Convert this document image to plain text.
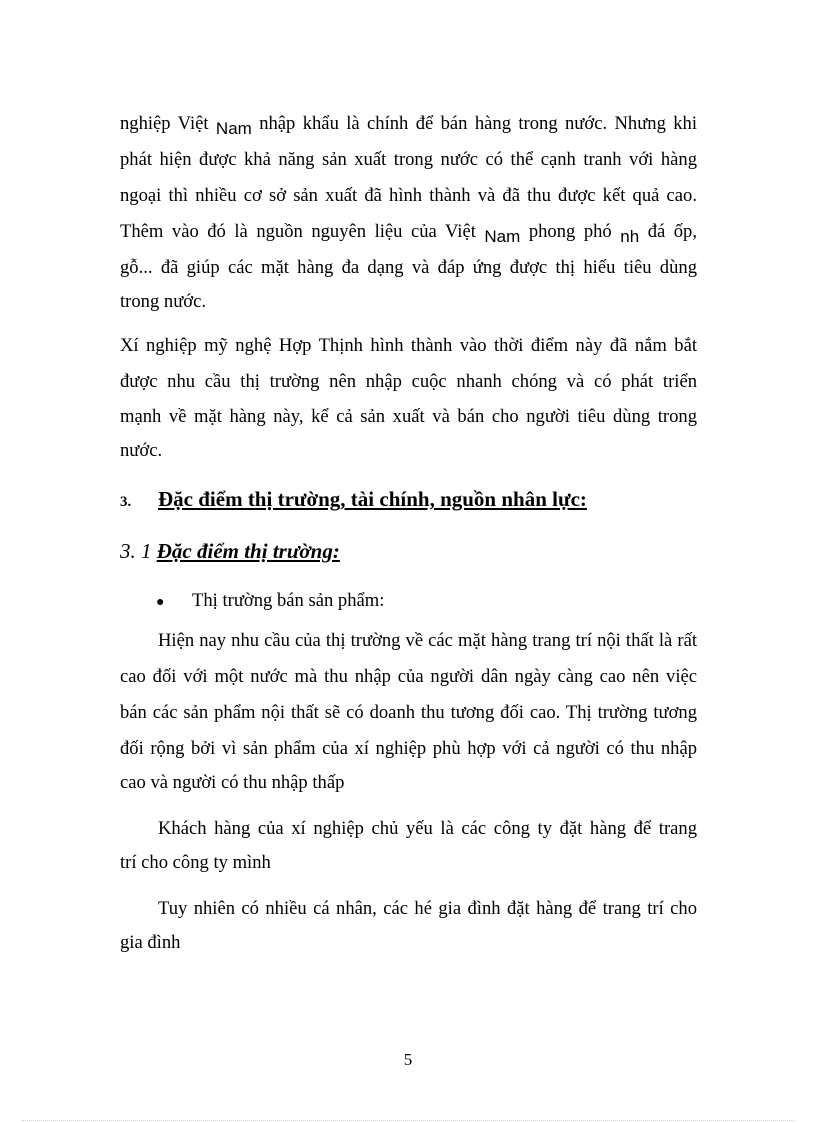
nghiệp Việt Nam nhập khẩu là chính để bán hàng trong nước. Nhưng khi
phát hiện được khả năng sản xuất trong nước có thể cạnh tranh với hàng
ngoại thì nhiều cơ sở sản xuất đã hình thành và đã thu được kết quả cao.
Thêm vào đó là nguồn nguyên liệu của Việt Nam phong phó nh đá ốp,
gỗ... đã giúp các mặt hàng đa dạng và đáp ứng được thị hiếu tiêu dùng
trong nước.
Xí nghiệp mỹ nghệ Hợp Thịnh hình thành vào thời điểm này đã nắm bắt
được nhu cầu thị trường nên nhập cuộc nhanh chóng và có phát triển
mạnh về mặt hàng này, kể cả sản xuất và bán cho người tiêu dùng trong
nước.
3. Đặc điểm thị trường, tài chính, nguồn nhân lực:
3. 1 Đặc điểm thị trường:
● Thị trường bán sản phẩm:
Hiện nay nhu cầu của thị trường về các mặt hàng trang trí nội thất là rất
cao đối với một nước mà thu nhập của người dân ngày càng cao nên việc
bán các sản phẩm nội thất sẽ có doanh thu tương đối cao. Thị trường tương
đối rộng bởi vì sản phẩm của xí nghiệp phù hợp với cả người có thu nhập
cao và người có thu nhập thấp
Khách hàng của xí nghiệp chủ yếu là các công ty đặt hàng để trang
trí cho công ty mình
Tuy nhiên có nhiều cá nhân, các hé gia đình đặt hàng để trang trí cho
gia đình
5
